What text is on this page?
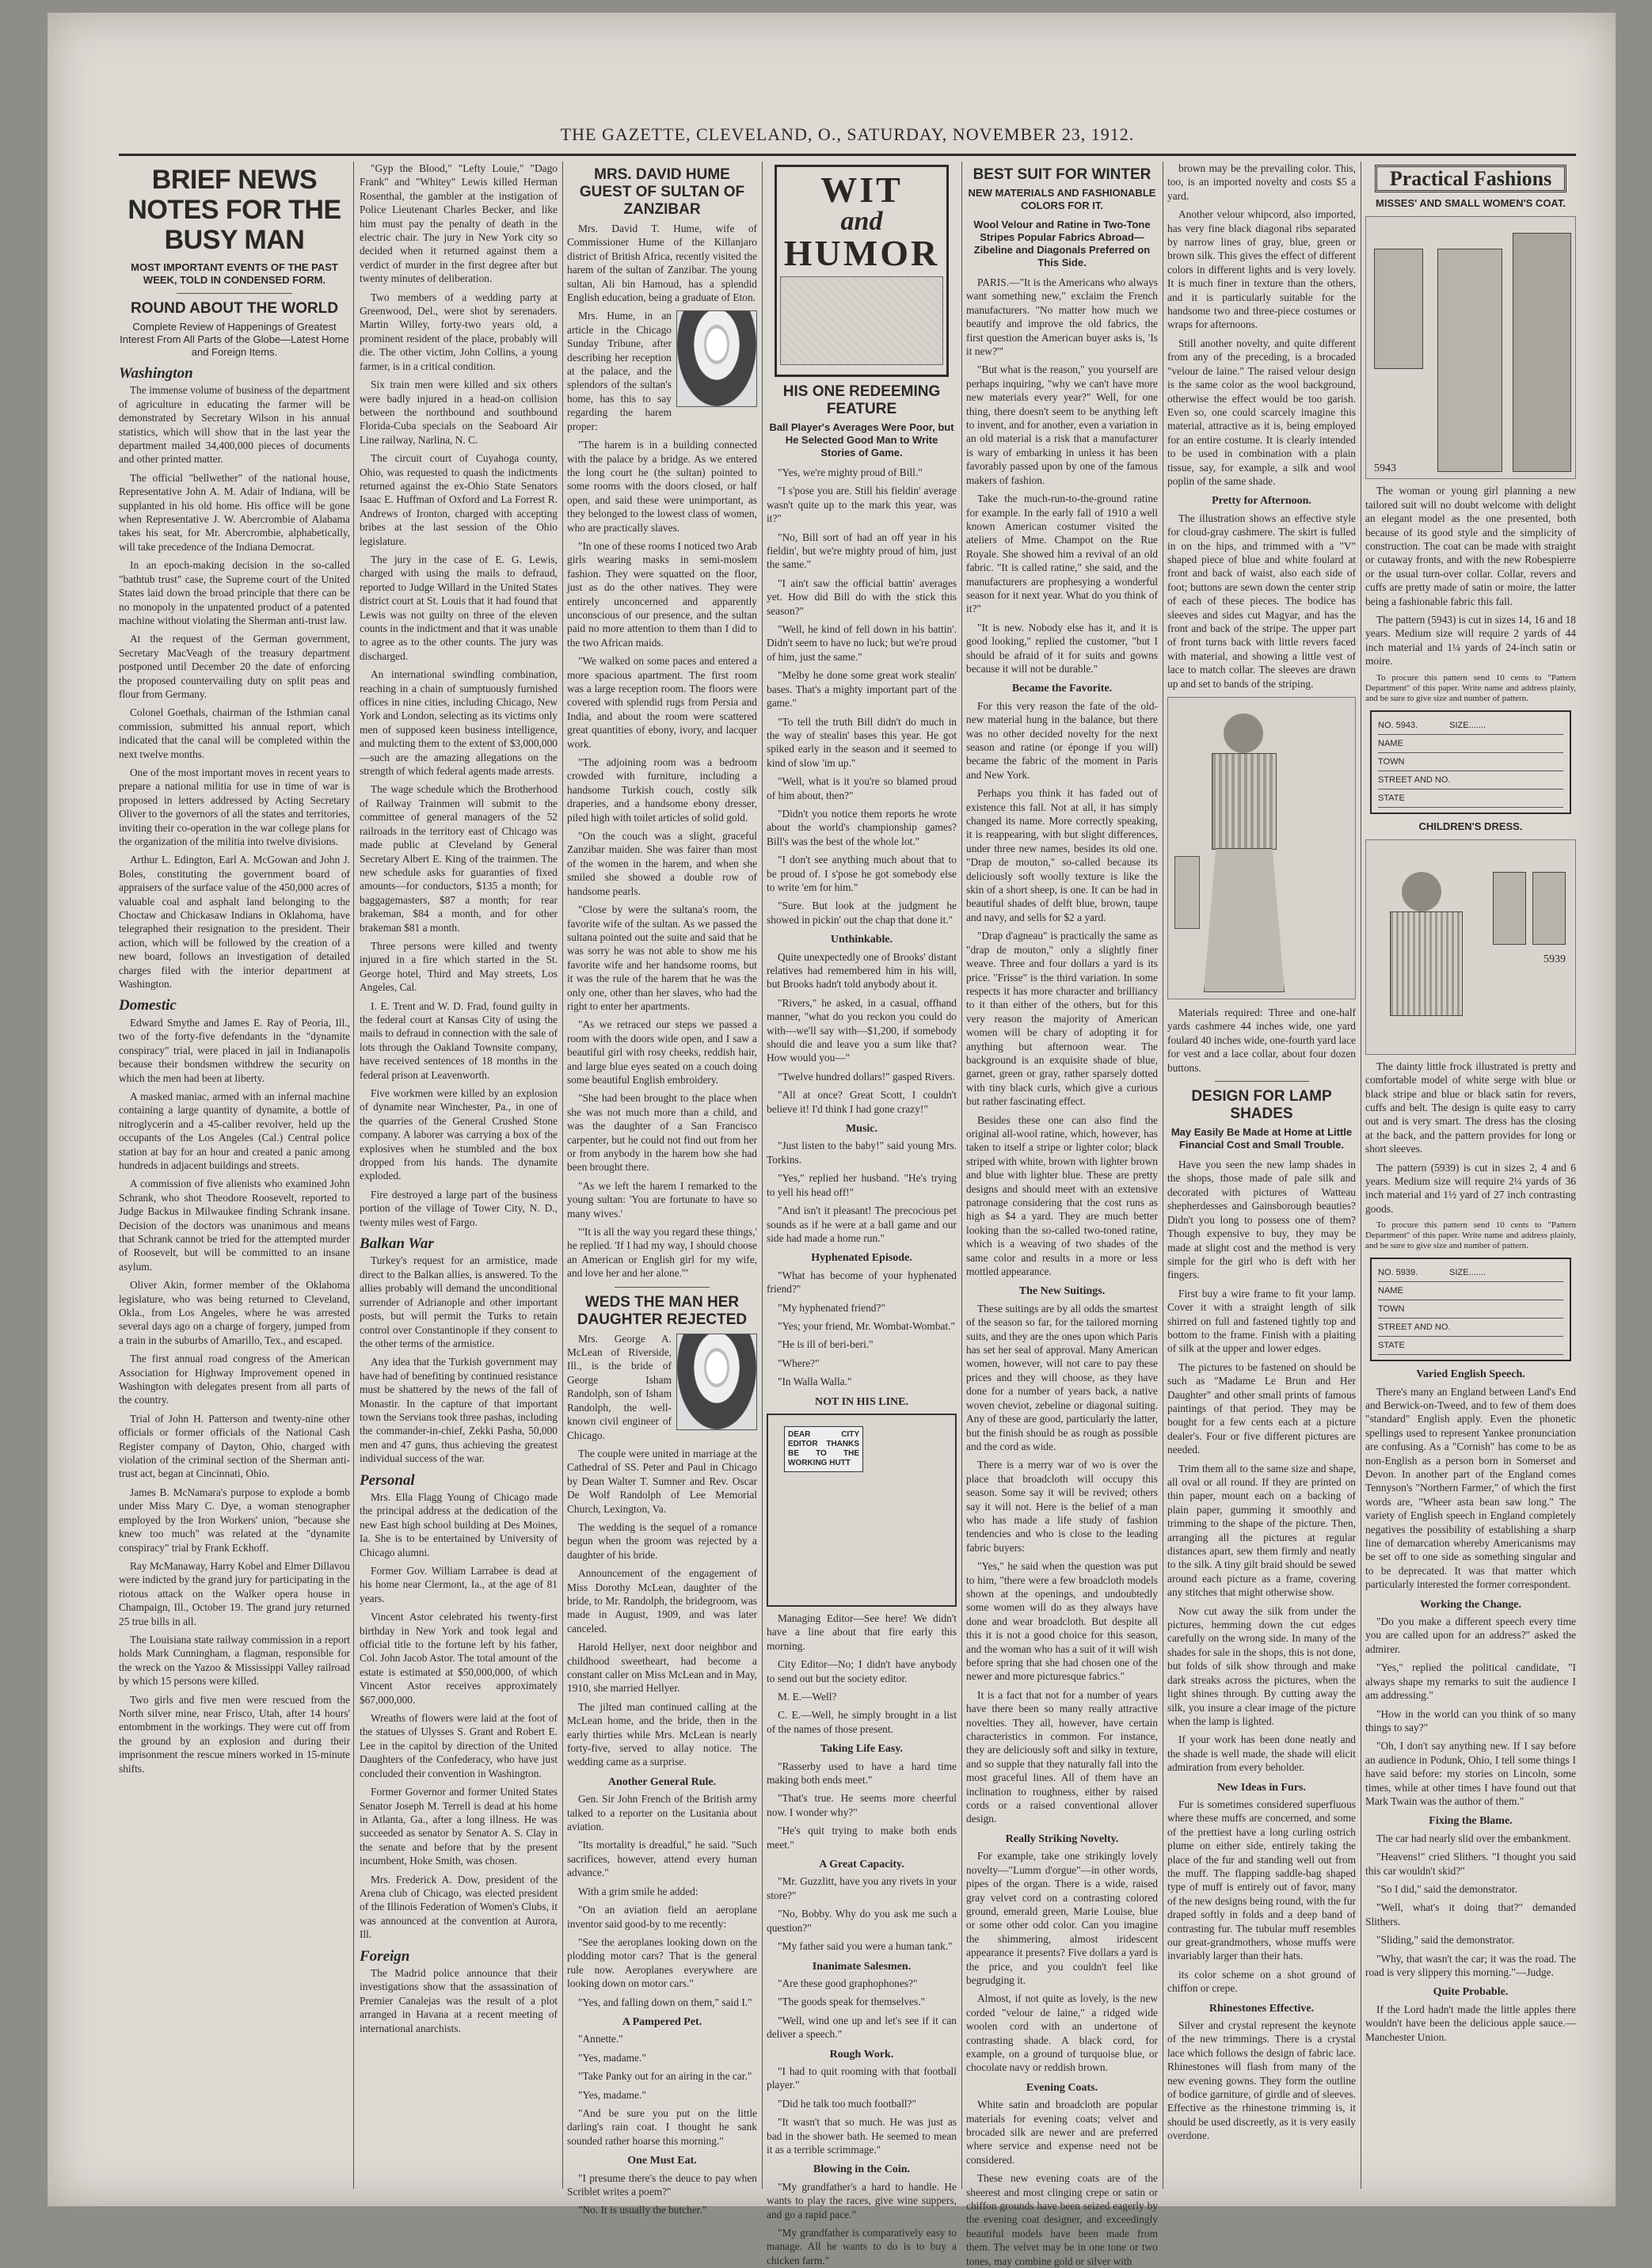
THE GAZETTE, CLEVELAND, O., SATURDAY, NOVEMBER 23, 1912.
BRIEF NEWS NOTES FOR THE BUSY MAN
MOST IMPORTANT EVENTS OF THE PAST WEEK, TOLD IN CONDENSED FORM.
ROUND ABOUT THE WORLD
Complete Review of Happenings of Greatest Interest From All Parts of the Globe—Latest Home and Foreign Items.
Washington

The immense volume of business of the department of agriculture in educating the farmer will be demonstrated by Secretary Wilson in his annual statistics, which will show that in the last year the department mailed 34,400,000 pieces of documents and other printed matter.

The official "bellwether" of the national house, Representative John A. M. Adair of Indiana, will be supplanted in his old home. His office will be gone when Representative J. W. Abercrombie of Alabama takes his seat, for Mr. Abercrombie, alphabetically, will take precedence of the Indiana Democrat.

In an epoch-making decision in the so-called "bathtub trust" case, the Supreme court of the United States laid down the broad principle that there can be no monopoly in the unpatented product of a patented machine without violating the Sherman anti-trust law.

At the request of the German government, Secretary MacVeagh of the treasury department postponed until December 20 the date of enforcing the proposed countervailing duty on split peas and flour from Germany.

Colonel Goethals, chairman of the Isthmian canal commission, submitted his annual report, which indicated that the canal will be completed within the next twelve months.

One of the most important moves in recent years to prepare a national militia for use in time of war is proposed in letters addressed by Acting Secretary Oliver to the governors of all the states and territories, inviting their co-operation in the war college plans for the organization of the militia into twelve divisions.

Arthur L. Edington, Earl A. McGowan and John J. Boles, constituting the government board of appraisers of the surface value of the 450,000 acres of valuable coal and asphalt land belonging to the Choctaw and Chickasaw Indians in Oklahoma, have telegraphed their resignation to the president. Their action, which will be followed by the creation of a new board, follows an investigation of detailed charges filed with the interior department at Washington.

Domestic

Edward Smythe and James E. Ray of Peoria, Ill., two of the forty-five defendants in the "dynamite conspiracy" trial, were placed in jail in Indianapolis because their bondsmen withdrew the security on which the men had been at liberty.

A masked maniac, armed with an infernal machine containing a large quantity of dynamite, a bottle of nitroglycerin and a 45-caliber revolver, held up the occupants of the Los Angeles (Cal.) Central police station at bay for an hour and created a panic among hundreds in adjacent buildings and streets.

A commission of five alienists who examined John Schrank, who shot Theodore Roosevelt, reported to Judge Backus in Milwaukee finding Schrank insane. Decision of the doctors was unanimous and means that Schrank cannot be tried for the attempted murder of Roosevelt, but will be committed to an insane asylum.

Oliver Akin, former member of the Oklahoma legislature, who was being returned to Cleveland, Okla., from Los Angeles, where he was arrested several days ago on a charge of forgery, jumped from a train in the suburbs of Amarillo, Tex., and escaped.

The first annual road congress of the American Association for Highway Improvement opened in Washington with delegates present from all parts of the country.

Trial of John H. Patterson and twenty-nine other officials or former officials of the National Cash Register company of Dayton, Ohio, charged with violation of the criminal section of the Sherman anti-trust act, began at Cincinnati, Ohio.

James B. McNamara's purpose to explode a bomb under Miss Mary C. Dye, a woman stenographer employed by the Iron Workers' union, "because she knew too much" was related at the "dynamite conspiracy" trial by Frank Eckhoff.

Ray McManaway, Harry Kobel and Elmer Dillavou were indicted by the grand jury for participating in the riotous attack on the Walker opera house in Champaign, Ill., October 19. The grand jury returned 25 true bills in all.

The Louisiana state railway commission in a report holds Mark Cunningham, a flagman, responsible for the wreck on the Yazoo & Mississippi Valley railroad by which 15 persons were killed.

Two girls and five men were rescued from the North silver mine, near Frisco, Utah, after 14 hours' entombment in the workings. They were cut off from the ground by an explosion and during their imprisonment the rescue miners worked in 15-minute shifts.

"Gyp the Blood," "Lefty Louie," "Dago Frank" and "Whitey" Lewis killed Herman Rosenthal, the gambler at the instigation of Police Lieutenant Charles Becker, and like him must pay the penalty of death in the electric chair. The jury in New York city so decided when it returned against them a verdict of murder in the first degree after but twenty minutes of deliberation.

Two members of a wedding party at Greenwood, Del., were shot by serenaders. Martin Willey, forty-two years old, a prominent resident of the place, probably will die. The other victim, John Collins, a young farmer, is in a critical condition.

Six train men were killed and six others were badly injured in a head-on collision between the northbound and southbound Florida-Cuba specials on the Seaboard Air Line railway, Narlina, N. C.

The circuit court of Cuyahoga county, Ohio, was requested to quash the indictments returned against the ex-Ohio State Senators Isaac E. Huffman of Oxford and La Forrest R. Andrews of Ironton, charged with accepting bribes at the last session of the Ohio legislature.

The jury in the case of E. G. Lewis, charged with using the mails to defraud, reported to Judge Willard in the United States district court at St. Louis that it had found that Lewis was not guilty on three of the eleven counts in the indictment and that it was unable to agree as to the other counts. The jury was discharged.

An international swindling combination, reaching in a chain of sumptuously furnished offices in nine cities, including Chicago, New York and London, selecting as its victims only men of supposed keen business intelligence, and mulcting them to the extent of $3,000,000—such are the amazing allegations on the strength of which federal agents made arrests.

The wage schedule which the Brotherhood of Railway Trainmen will submit to the committee of general managers of the 52 railroads in the territory east of Chicago was made public at Cleveland by General Secretary Albert E. King of the trainmen. The new schedule asks for guaranties of fixed amounts—for conductors, $135 a month; for baggagemasters, $87 a month; for rear brakeman, $84 a month, and for other brakeman $81 a month.

Three persons were killed and twenty injured in a fire which started in the St. George hotel, Third and May streets, Los Angeles, Cal.

I. E. Trent and W. D. Frad, found guilty in the federal court at Kansas City of using the mails to defraud in connection with the sale of lots through the Oakland Townsite company, have received sentences of 18 months in the federal prison at Leavenworth.

Five workmen were killed by an explosion of dynamite near Winchester, Pa., in one of the quarries of the General Crushed Stone company. A laborer was carrying a box of the explosives when he stumbled and the box dropped from his hands. The dynamite exploded.

Fire destroyed a large part of the business portion of the village of Tower City, N. D., twenty miles west of Fargo.

Balkan War

Turkey's request for an armistice, made direct to the Balkan allies, is answered. To the allies probably will demand the unconditional surrender of Adrianople and other important posts, but will permit the Turks to retain control over Constantinople if they consent to the other terms of the armistice.

Any idea that the Turkish government may have had of benefiting by continued resistance must be shattered by the news of the fall of Monastir. In the capture of that important town the Servians took three pashas, including the commander-in-chief, Zekki Pasha, 50,000 men and 47 guns, thus achieving the greatest individual success of the war.

Personal

Mrs. Ella Flagg Young of Chicago made the principal address at the dedication of the new East high school building at Des Moines, Ia. She is to be entertained by University of Chicago alumni.

Former Gov. William Larrabee is dead at his home near Clermont, Ia., at the age of 81 years.

Vincent Astor celebrated his twenty-first birthday in New York and took legal and official title to the fortune left by his father, Col. John Jacob Astor. The total amount of the estate is estimated at $50,000,000, of which Vincent Astor receives approximately $67,000,000.

Wreaths of flowers were laid at the foot of the statues of Ulysses S. Grant and Robert E. Lee in the capitol by direction of the United Daughters of the Confederacy, who have just concluded their convention in Washington.

Former Governor and former United States Senator Joseph M. Terrell is dead at his home in Atlanta, Ga., after a long illness. He was succeeded as senator by Senator A. S. Clay in the senate and before that by the present incumbent, Hoke Smith, was chosen.

Mrs. Frederick A. Dow, president of the Arena club of Chicago, was elected president of the Illinois Federation of Women's Clubs, it was announced at the convention at Aurora, Ill.

Foreign

The Madrid police announce that their investigations show that the assassination of Premier Canalejas was the result of a plot arranged in Havana at a recent meeting of international anarchists.

MRS. DAVID HUME GUEST OF SULTAN OF ZANZIBAR

Mrs. David T. Hume, wife of Commissioner Hume of the Killanjaro district of British Africa, recently visited the harem of the sultan of Zanzibar. The young sultan, Ali bin Hamoud, has a splendid English education, being a graduate of Eton.

Mrs. Hume, in an article in the Chicago Sunday Tribune, after describing her reception at the palace, and the splendors of the sultan's home, has this to say regarding the harem proper:

"The harem is in a building connected with the palace by a bridge. As we entered the long court he (the sultan) pointed to some rooms with the doors closed, or half open, and said these were unimportant, as they belonged to the lowest class of women, who are practically slaves.

"In one of these rooms I noticed two Arab girls wearing masks in semi-moslem fashion. They were squatted on the floor, just as do the other natives. They were entirely unconcerned and apparently unconscious of our presence, and the sultan paid no more attention to them than I did to the two African maids.

"We walked on some paces and entered a more spacious apartment. The first room was a large reception room. The floors were covered with splendid rugs from Persia and India, and about the room were scattered great quantities of ebony, ivory, and lacquer work.

"The adjoining room was a bedroom crowded with furniture, including a handsome Turkish couch, costly silk draperies, and a handsome ebony dresser, piled high with toilet articles of solid gold.

"On the couch was a slight, graceful Zanzibar maiden. She was fairer than most of the women in the harem, and when she smiled she showed a double row of handsome pearls.

"Close by were the sultana's room, the favorite wife of the sultan. As we passed the sultana pointed out the suite and said that he was sorry he was not able to show me his favorite wife and her handsome rooms, but it was the rule of the harem that he was the only one, other than her slaves, who had the right to enter her apartments.

"As we retraced our steps we passed a room with the doors wide open, and I saw a beautiful girl with rosy cheeks, reddish hair, and large blue eyes seated on a couch doing some beautiful English embroidery.

"She had been brought to the place when she was not much more than a child, and was the daughter of a San Francisco carpenter, but he could not find out from her or from anybody in the harem how she had been brought there.

"As we left the harem I remarked to the young sultan: 'You are fortunate to have so many wives.'

"'It is all the way you regard these things,' he replied. 'If I had my way, I should choose an American or English girl for my wife, and love her and her alone.'"

WEDS THE MAN HER DAUGHTER REJECTED

Mrs. George A. McLean of Riverside, Ill., is the bride of George Isham Randolph, son of Isham Randolph, the well-known civil engineer of Chicago.

The couple were united in marriage at the Cathedral of SS. Peter and Paul in Chicago by Dean Walter T. Sumner and Rev. Oscar De Wolf Randolph of Lee Memorial Church, Lexington, Va.

The wedding is the sequel of a romance begun when the groom was rejected by a daughter of his bride.

Announcement of the engagement of Miss Dorothy McLean, daughter of the bride, to Mr. Randolph, the bridegroom, was made in August, 1909, and was later canceled.

Harold Hellyer, next door neighbor and childhood sweetheart, had become a constant caller on Miss McLean and in May, 1910, she married Hellyer.

The jilted man continued calling at the McLean home, and the bride, then in the early thirties while Mrs. McLean is nearly forty-five, served to allay notice. The wedding came as a surprise.

Another General Rule.

Gen. Sir John French of the British army talked to a reporter on the Lusitania about aviation.

"Its mortality is dreadful," he said. "Such sacrifices, however, attend every human advance."

With a grim smile he added:

"On an aviation field an aeroplane inventor said good-by to me recently:

"See the aeroplanes looking down on the plodding motor cars? That is the general rule now. Aeroplanes everywhere are looking down on motor cars."

"Yes, and falling down on them," said I."

A Pampered Pet.

"Annette."

"Yes, madame."

"Take Panky out for an airing in the car."

"Yes, madame."

"And be sure you put on the little darling's rain coat. I thought he sank sounded rather hoarse this morning."

One Must Eat.

"I presume there's the deuce to pay when Scriblet writes a poem?"

"No. It is usually the butcher."

WIT
and
HUMOR
HIS ONE REDEEMING FEATURE
Ball Player's Averages Were Poor, but He Selected Good Man to Write Stories of Game.

"Yes, we're mighty proud of Bill."

"I s'pose you are. Still his fieldin' average wasn't quite up to the mark this year, was it?"

"No, Bill sort of had an off year in his fieldin', but we're mighty proud of him, just the same."

"I ain't saw the official battin' averages yet. How did Bill do with the stick this season?"

"Well, he kind of fell down in his battin'. Didn't seem to have no luck; but we're proud of him, just the same."

"Melby he done some great work stealin' bases. That's a mighty important part of the game."

"To tell the truth Bill didn't do much in the way of stealin' bases this year. He got spiked early in the season and it seemed to kind of slow 'im up."

"Well, what is it you're so blamed proud of him about, then?"

"Didn't you notice them reports he wrote about the world's championship games? Bill's was the best of the whole lot."

"I don't see anything much about that to be proud of. I s'pose he got somebody else to write 'em for him."

"Sure. But look at the judgment he showed in pickin' out the chap that done it."

Unthinkable.

Quite unexpectedly one of Brooks' distant relatives had remembered him in his will, but Brooks hadn't told anybody about it.

"Rivers," he asked, in a casual, offhand manner, "what do you reckon you could do with—we'll say with—$1,200, if somebody should die and leave you a sum like that? How would you—"

"Twelve hundred dollars!" gasped Rivers.

"All at once? Great Scott, I couldn't believe it! I'd think I had gone crazy!"

Music.

"Just listen to the baby!" said young Mrs. Torkins.

"Yes," replied her husband. "He's trying to yell his head off!"

"And isn't it pleasant! The precocious pet sounds as if he were at a ball game and our side had made a home run."

Hyphenated Episode.

"What has become of your hyphenated friend?"

"My hyphenated friend?"

"Yes; your friend, Mr. Wombat-Wombat."

"He is ill of beri-beri."

"Where?"

"In Walla Walla."

NOT IN HIS LINE.
DEAR CITY EDITOR THANKS BE TO THE WORKING HUTT

Managing Editor—See here! We didn't have a line about that fire early this morning.

City Editor—No; I didn't have anybody to send out but the society editor.

M. E.—Well?

C. E.—Well, he simply brought in a list of the names of those present.

Taking Life Easy.

"Rasserby used to have a hard time making both ends meet."

"That's true. He seems more cheerful now. I wonder why?"

"He's quit trying to make both ends meet."

A Great Capacity.

"Mr. Guzzlitt, have you any rivets in your store?"

"No, Bobby. Why do you ask me such a question?"

"My father said you were a human tank."

Inanimate Salesmen.

"Are these good graphophones?"

"The goods speak for themselves."

"Well, wind one up and let's see if it can deliver a speech."

Rough Work.

"I had to quit rooming with that football player."

"Did he talk too much football?"

"It wasn't that so much. He was just as bad in the shower bath. He seemed to mean it as a terrible scrimmage."

Blowing in the Coin.

"My grandfather's a hard to handle. He wants to play the races, give wine suppers, and go a rapid pace."

"My grandfather is comparatively easy to manage. All he wants to do is to buy a chicken farm."

BEST SUIT FOR WINTER
NEW MATERIALS AND FASHIONABLE COLORS FOR IT.
Wool Velour and Ratine in Two-Tone Stripes Popular Fabrics Abroad—Zibeline and Diagonals Preferred on This Side.

PARIS.—"It is the Americans who always want something new," exclaim the French manufacturers. "No matter how much we beautify and improve the old fabrics, the first question the American buyer asks is, 'Is it new?'"

"But what is the reason," you yourself are perhaps inquiring, "why we can't have more new materials every year?" Well, for one thing, there doesn't seem to be anything left to invent, and for another, even a variation in an old material is a risk that a manufacturer is wary of embarking in unless it has been favorably passed upon by one of the famous makers of fashion.

Take the much-run-to-the-ground ratine for example. In the early fall of 1910 a well known American costumer visited the ateliers of Mme. Champot on the Rue Royale. She showed him a revival of an old fabric. "It is called ratine," she said, and the manufacturers are prophesying a wonderful season for it next year. What do you think of it?"

"It is new. Nobody else has it, and it is good looking," replied the customer, "but I should be afraid of it for suits and gowns because it will not be durable."

Became the Favorite.

For this very reason the fate of the old-new material hung in the balance, but there was no other decided novelty for the next season and ratine (or éponge if you will) became the fabric of the moment in Paris and New York.

Perhaps you think it has faded out of existence this fall. Not at all, it has simply changed its name. More correctly speaking, it is reappearing, with but slight differences, under three new names, besides its old one. "Drap de mouton," so-called because its deliciously soft woolly texture is like the skin of a short sheep, is one. It can be had in beautiful shades of delft blue, brown, taupe and navy, and sells for $2 a yard.

"Drap d'agneau" is practically the same as "drap de mouton," only a slightly finer weave. Three and four dollars a yard is its price. "Frisse" is the third variation. In some respects it has more character and brilliancy to it than either of the others, but for this very reason the majority of American women will be chary of adopting it for anything but afternoon wear. The background is an exquisite shade of blue, garnet, green or gray, rather sparsely dotted with tiny black curls, which give a curious but rather fascinating effect.

Besides these one can also find the original all-wool ratine, which, however, has taken to itself a stripe or lighter color; black striped with white, brown with lighter brown and blue with lighter blue. These are pretty designs and should meet with an extensive patronage considering that the cost runs as high as $4 a yard. They are much better looking than the so-called two-toned ratine, which is a weaving of two shades of the same color and results in a more or less mottled appearance.

The New Suitings.

These suitings are by all odds the smartest of the season so far, for the tailored morning suits, and they are the ones upon which Paris has set her seal of approval. Many American women, however, will not care to pay these prices and they will choose, as they have done for a number of years back, a native woven cheviot, zebeline or diagonal suiting. Any of these are good, particularly the latter, but the finish should be as rough as possible and the cord as wide.

There is a merry war of wo is over the place that broadcloth will occupy this season. Some say it will be revived; others say it will not. Here is the belief of a man who has made a life study of fashion tendencies and who is close to the leading fabric buyers:

"Yes," he said when the question was put to him, "there were a few broadcloth models shown at the openings, and undoubtedly some women will do as they always have done and wear broadcloth. But despite all this it is not a good choice for this season, and the woman who has a suit of it will wish before spring that she had chosen one of the newer and more picturesque fabrics."

It is a fact that not for a number of years have there been so many really attractive novelties. They all, however, have certain characteristics in common. For instance, they are deliciously soft and silky in texture, and so supple that they naturally fall into the most graceful lines. All of them have an inclination to roughness, either by raised cords or a raised conventional allover design.

Really Striking Novelty.

For example, take one strikingly lovely novelty—"Lumm d'orgue"—in other words, pipes of the organ. There is a wide, raised gray velvet cord on a contrasting colored ground, emerald green, Marie Louise, blue or some other odd color. Can you imagine the shimmering, almost iridescent appearance it presents? Five dollars a yard is the price, and you couldn't feel like begrudging it.

Almost, if not quite as lovely, is the new corded "velour de laine," a ridged wide woolen cord with an undertone of contrasting shade. A black cord, for example, on a ground of turquoise blue, or chocolate navy or reddish brown.

Evening Coats.

White satin and broadcloth are popular materials for evening coats; velvet and brocaded silk are newer and are preferred where service and expense need not be considered.

These new evening coats are of the sheerest and most clinging crepe or satin or chiffon grounds have been seized eagerly by the evening coat designer, and exceedingly beautiful models have been made from them. The velvet may be in one tone or two tones, may combine gold or silver with

brown may be the prevailing color. This, too, is an imported novelty and costs $5 a yard.

Another velour whipcord, also imported, has very fine black diagonal ribs separated by narrow lines of gray, blue, green or brown silk. This gives the effect of different colors in different lights and is very lovely. It is much finer in texture than the others, and it is particularly suitable for the handsome two and three-piece costumes or wraps for afternoons.

Still another novelty, and quite different from any of the preceding, is a brocaded "velour de laine." The raised velour design is the same color as the wool background, otherwise the effect would be too garish. Even so, one could scarcely imagine this material, attractive as it is, being employed for an entire costume. It is clearly intended to be used in combination with a plain tissue, say, for example, a silk and wool poplin of the same shade.

Pretty for Afternoon.

The illustration shows an effective style for cloud-gray cashmere. The skirt is fulled in on the hips, and trimmed with a "V" shaped piece of blue and white foulard at front and back of waist, also each side of foot; buttons are sewn down the center strip of each of these pieces. The bodice has sleeves and sides cut Magyar, and has the front and back of the stripe. The upper part of front turns back with little revers faced with material, and showing a little vest of lace to match collar. The sleeves are drawn up and set to bands of the striping.

Materials required: Three and one-half yards cashmere 44 inches wide, one yard foulard 40 inches wide, one-fourth yard lace for vest and a lace collar, about four dozen buttons.

DESIGN FOR LAMP SHADES
May Easily Be Made at Home at Little Financial Cost and Small Trouble.

Have you seen the new lamp shades in the shops, those made of pale silk and decorated with pictures of Watteau shepherdesses and Gainsborough beauties? Didn't you long to possess one of them? Though expensive to buy, they may be made at slight cost and the method is very simple for the girl who is deft with her fingers.

First buy a wire frame to fit your lamp. Cover it with a straight length of silk shirred on full and fastened tightly top and bottom to the frame. Finish with a plaiting of silk at the upper and lower edges.

The pictures to be fastened on should be such as "Madame Le Brun and Her Daughter" and other small prints of famous paintings of that period. They may be bought for a few cents each at a picture dealer's. Four or five different pictures are needed.

Trim them all to the same size and shape, all oval or all round. If they are printed on thin paper, mount each on a backing of plain paper, gumming it smoothly and trimming to the shape of the picture. Then, arranging all the pictures at regular distances apart, sew them firmly and neatly to the silk. A tiny gilt braid should be sewed around each picture as a frame, covering any stitches that might otherwise show.

Now cut away the silk from under the pictures, hemming down the cut edges carefully on the wrong side. In many of the shades for sale in the shops, this is not done, but folds of silk show through and make dark streaks across the pictures, when the light shines through. By cutting away the silk, you insure a clear image of the picture when the lamp is lighted.

If your work has been done neatly and the shade is well made, the shade will elicit admiration from every beholder.

New Ideas in Furs.

Fur is sometimes considered superfluous where these muffs are concerned, and some of the prettiest have a long curling ostrich plume on either side, entirely taking the place of the fur and standing well out from the muff. The flapping saddle-bag shaped type of muff is entirely out of favor, many of the new designs being round, with the fur draped softly in folds and a deep band of contrasting fur. The tubular muff resembles our great-grandmothers, whose muffs were invariably larger than their hats.

its color scheme on a shot ground of chiffon or crepe.

Rhinestones Effective.

Silver and crystal represent the keynote of the new trimmings. There is a crystal lace which follows the design of fabric lace. Rhinestones will flash from many of the new evening gowns. They form the outline of bodice garniture, of girdle and of sleeves. Effective as the rhinestone trimming is, it should be used discreetly, as it is very easily overdone.

Practical Fashions
MISSES' AND SMALL WOMEN'S COAT.
5943

The woman or young girl planning a new tailored suit will no doubt welcome with delight an elegant model as the one presented, both because of its good style and the simplicity of construction. The coat can be made with straight or cutaway fronts, and with the new Robespierre or the usual turn-over collar. Collar, revers and cuffs are pretty made of satin or moire, the latter being a fashionable fabric this fall.

The pattern (5943) is cut in sizes 14, 16 and 18 years. Medium size will require 2 yards of 44 inch material and 1¼ yards of 24-inch satin or moire.

To procure this pattern send 10 cents to "Pattern Department" of this paper. Write name and address plainly, and be sure to give size and number of pattern.

NO. 5943.	SIZE.......
NAME
TOWN
STREET AND NO.
STATE
CHILDREN'S DRESS.
5939

The dainty little frock illustrated is pretty and comfortable model of white serge with blue or black stripe and blue or black satin for revers, cuffs and belt. The design is quite easy to carry out and is very smart. The dress has the closing at the back, and the pattern provides for long or short sleeves.

The pattern (5939) is cut in sizes 2, 4 and 6 years. Medium size will require 2¼ yards of 36 inch material and 1½ yard of 27 inch contrasting goods.

To procure this pattern send 10 cents to "Pattern Department" of this paper. Write name and address plainly, and be sure to give size and number of pattern.

NO. 5939.	SIZE.......
NAME
TOWN
STREET AND NO.
STATE
Varied English Speech.

There's many an England between Land's End and Berwick-on-Tweed, and to few of them does "standard" English apply. Even the phonetic spellings used to represent Yankee pronunciation are confusing. As a "Cornish" has come to be as non-English as a person born in Somerset and Devon. In another part of the England comes Tennyson's "Northern Farmer," of which the first words are, "Wheer asta bean saw long." The variety of English speech in England completely negatives the possibility of establishing a sharp line of demarcation whereby Americanisms may be set off to one side as something singular and to be deprecated. It was that matter which particularly interested the former correspondent.

Working the Change.

"Do you make a different speech every time you are called upon for an address?" asked the admirer.

"Yes," replied the political candidate, "I always shape my remarks to suit the audience I am addressing."

"How in the world can you think of so many things to say?"

"Oh, I don't say anything new. If I say before an audience in Podunk, Ohio, I tell some things I have said before: my stories on Lincoln, some times, while at other times I have found out that Mark Twain was the author of them."

Fixing the Blame.

The car had nearly slid over the embankment.

"Heavens!" cried Slithers. "I thought you said this car wouldn't skid?"

"So I did," said the demonstrator.

"Well, what's it doing that?" demanded Slithers.

"Sliding," said the demonstrator.

"Why, that wasn't the car; it was the road. The road is very slippery this morning."—Judge.

Quite Probable.

If the Lord hadn't made the little apples there wouldn't have been the delicious apple sauce.—Manchester Union.
